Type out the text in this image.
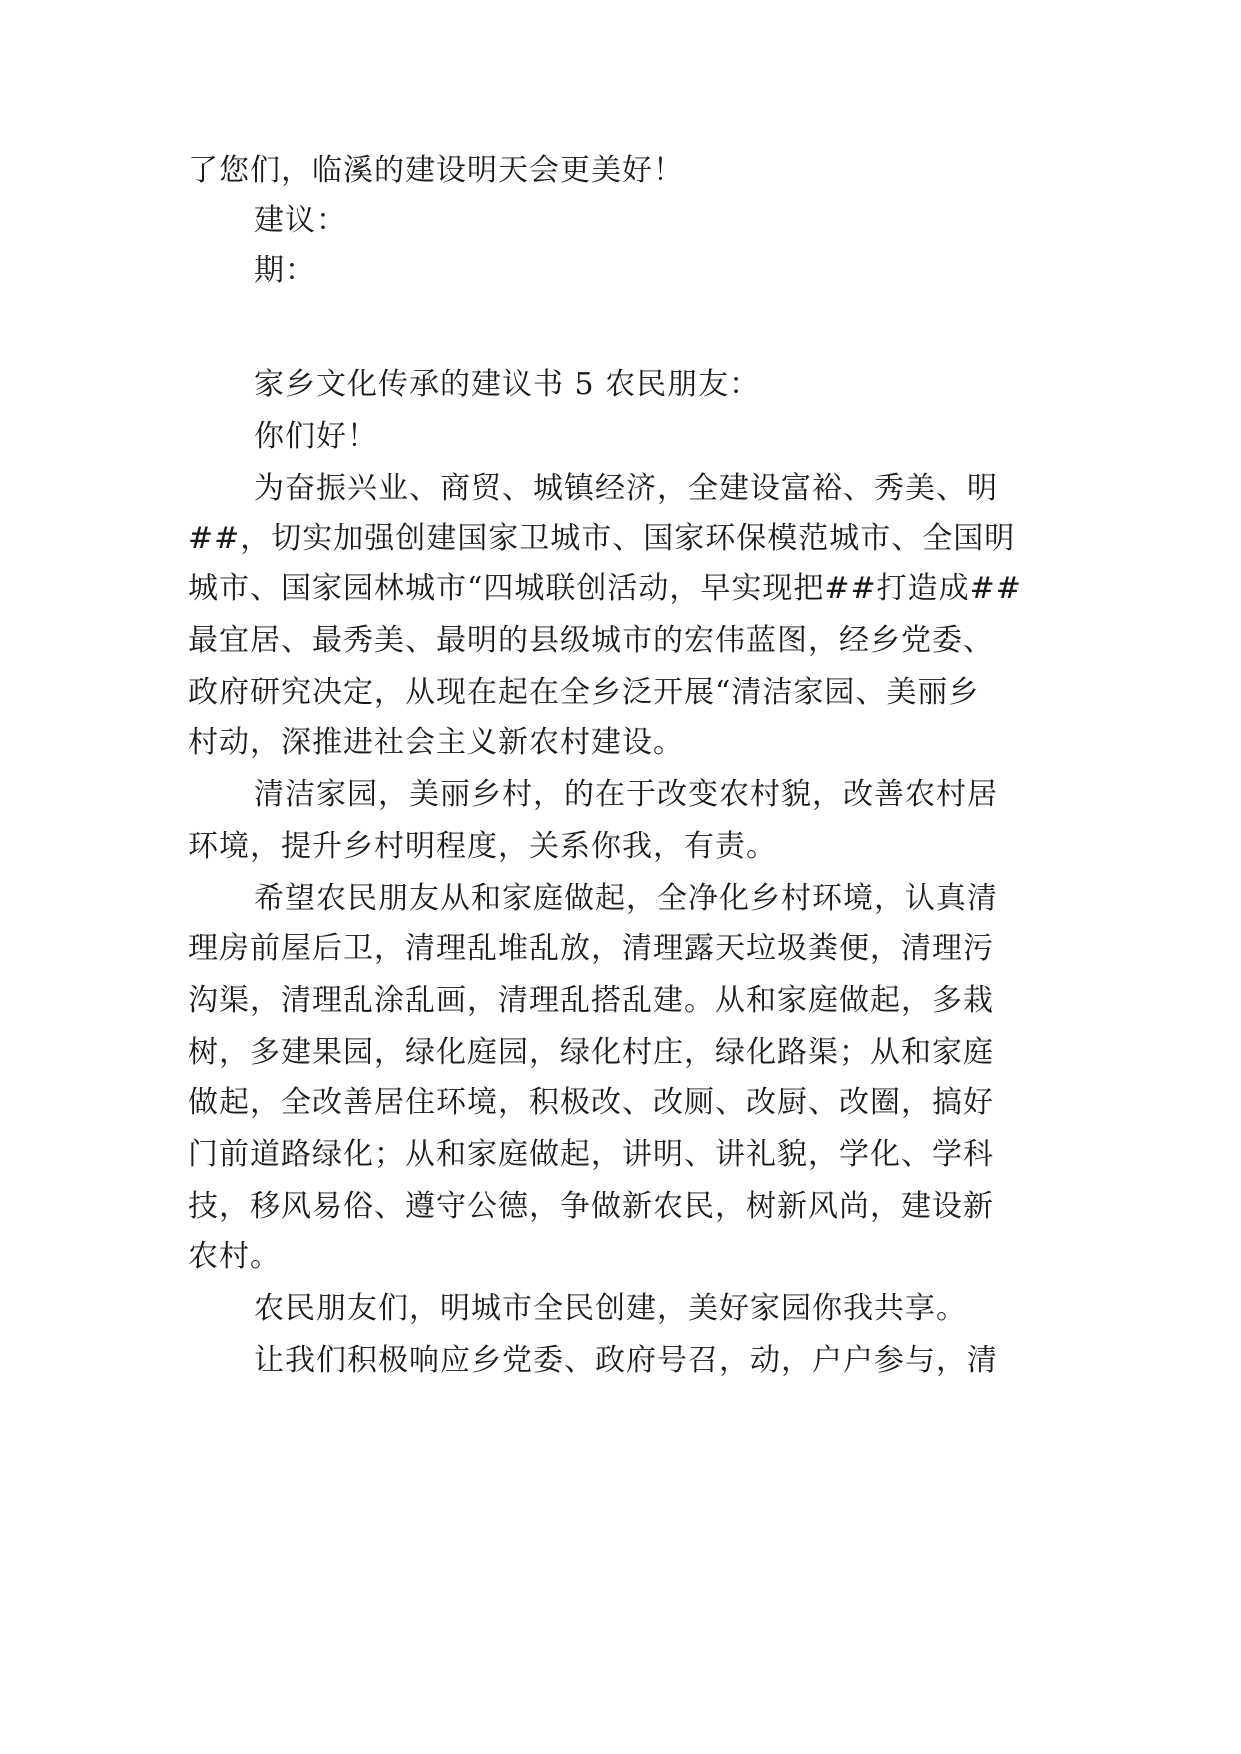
了您们，临溪的建设明天会更美好！
建议：
期：
家乡文化传承的建议书 5 农民朋友：
你们好！
为奋振兴业、商贸、城镇经济，全建设富裕、秀美、明
##，切实加强创建国家卫城市、国家环保模范城市、全国明
城市、国家园林城市“四城联创活动，早实现把##打造成##
最宜居、最秀美、最明的县级城市的宏伟蓝图，经乡党委、
政府研究决定，从现在起在全乡泛开展“清洁家园、美丽乡
村动，深推进社会主义新农村建设。
清洁家园，美丽乡村，的在于改变农村貌，改善农村居
环境，提升乡村明程度，关系你我，有责。
希望农民朋友从和家庭做起，全净化乡村环境，认真清
理房前屋后卫，清理乱堆乱放，清理露天垃圾粪便，清理污
沟渠，清理乱涂乱画，清理乱搭乱建。从和家庭做起，多栽
树，多建果园，绿化庭园，绿化村庄，绿化路渠；从和家庭
做起，全改善居住环境，积极改、改厕、改厨、改圈，搞好
门前道路绿化；从和家庭做起，讲明、讲礼貌，学化、学科
技，移风易俗、遵守公德，争做新农民，树新风尚，建设新
农村。
农民朋友们，明城市全民创建，美好家园你我共享。
让我们积极响应乡党委、政府号召，动，户户参与，清
